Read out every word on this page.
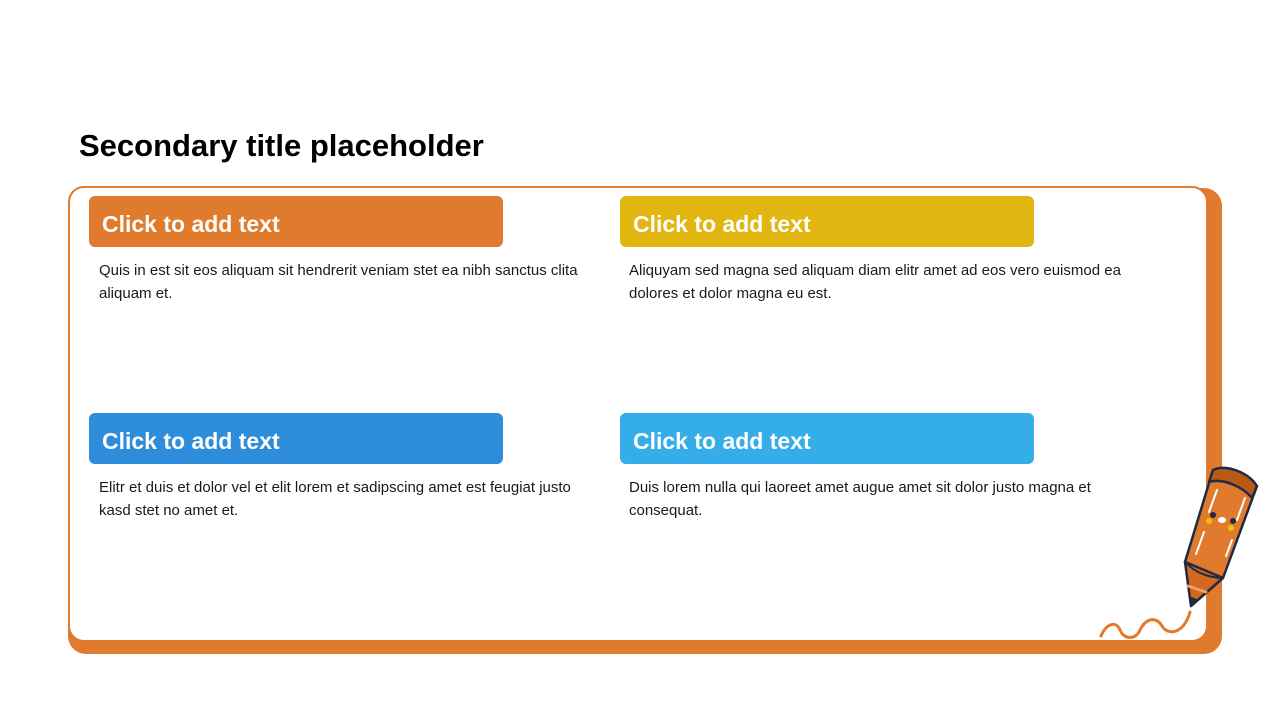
Secondary title placeholder
Click to add text

Quis in est sit eos aliquam sit hendrerit veniam stet ea nibh sanctus clita aliquam et.

Click to add text

Aliquyam sed magna sed aliquam diam elitr amet ad eos vero euismod ea dolores et dolor magna eu est.

Click to add text

Elitr et duis et dolor vel et elit lorem et sadipscing amet est feugiat justo kasd stet no amet et.

Click to add text

Duis lorem nulla qui laoreet amet augue amet sit dolor justo magna et consequat.
